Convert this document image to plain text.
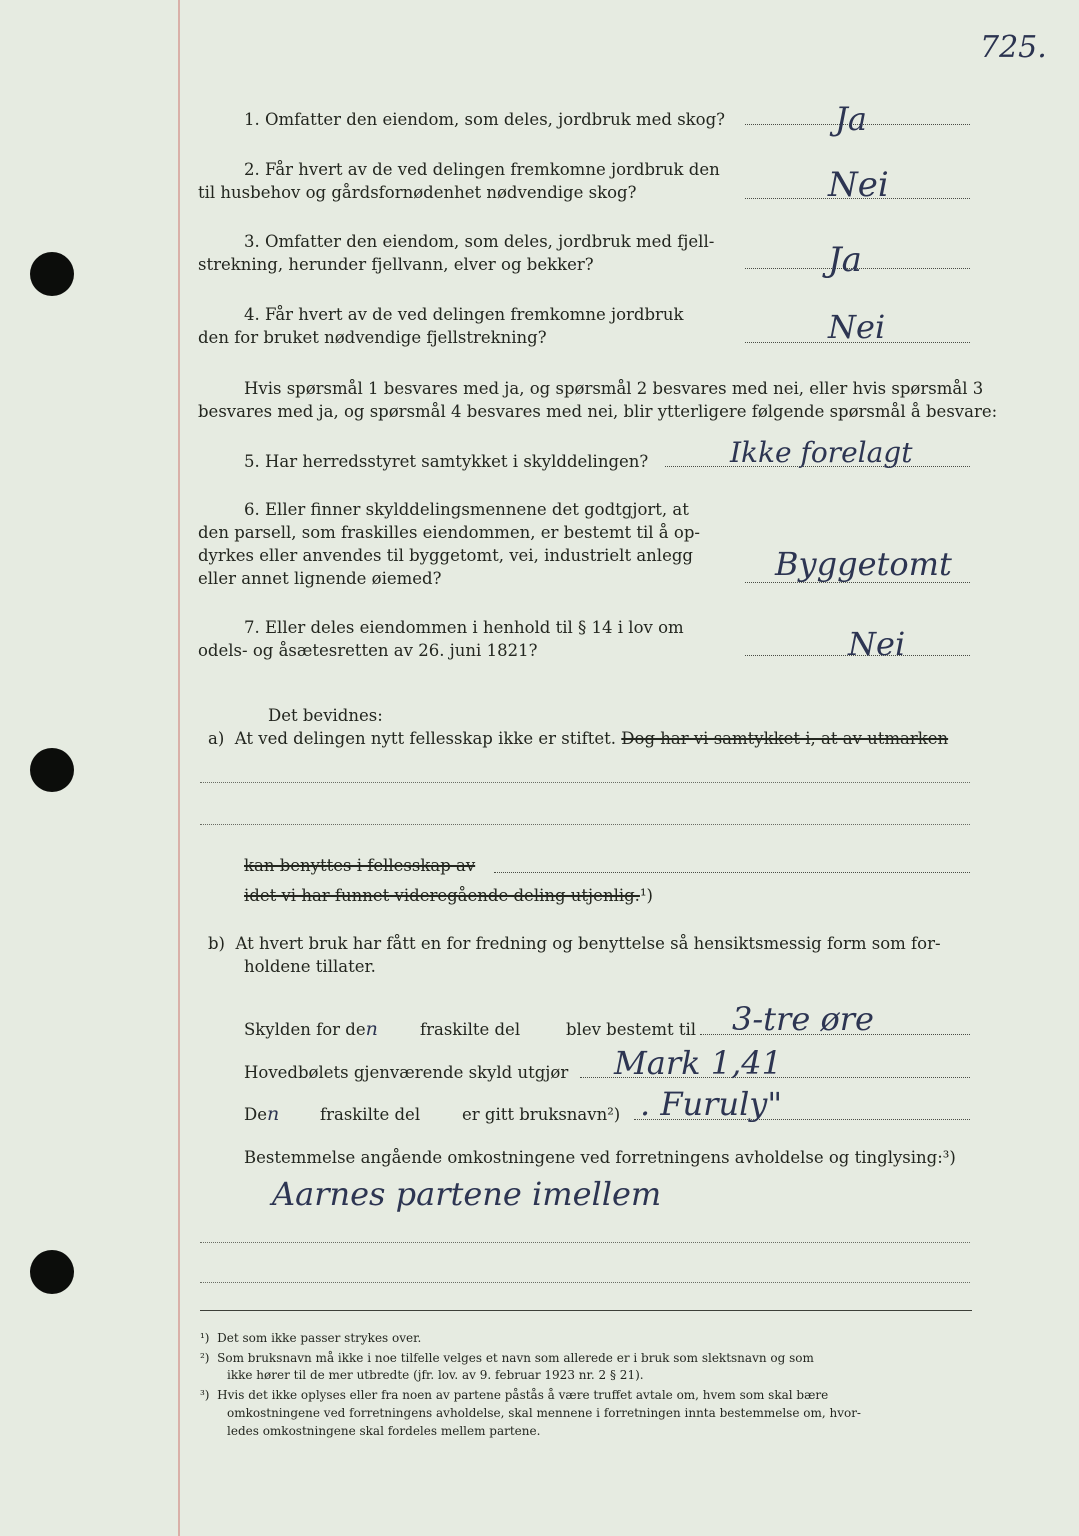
725.
1. Omfatter den eiendom, som deles, jordbruk med skog?	Ja
2. Får hvert av de ved delingen fremkomne jordbruk den
til husbehov og gårdsfornødenhet nødvendige skog?	Nei
3. Omfatter den eiendom, som deles, jordbruk med fjell-
strekning, herunder fjellvann, elver og bekker?	Ja
4. Får hvert av de ved delingen fremkomne jordbruk
den for bruket nødvendige fjellstrekning?	Nei
Hvis spørsmål 1 besvares med ja, og spørsmål 2 besvares med nei, eller hvis spørsmål 3
besvares med ja, og spørsmål 4 besvares med nei, blir ytterligere følgende spørsmål å besvare:
5. Har herredsstyret samtykket i skylddelingen?	Ikke forelagt
6. Eller finner skylddelingsmennene det godtgjort, at
den parsell, som fraskilles eiendommen, er bestemt til å op-
dyrkes eller anvendes til byggetomt, vei, industrielt anlegg
eller annet lignende øiemed?	Byggetomt
7. Eller deles eiendommen i henhold til § 14 i lov om
odels- og åsætesretten av 26. juni 1821?	Nei
Det bevidnes:
a) At ved delingen nytt fellesskap ikke er stiftet. Dog har vi samtykket i, at av utmarken
kan benyttes i fellesskap av
idet vi har funnet videregående deling utjenlig.¹)
b) At hvert bruk har fått en for fredning og benyttelse så hensiktsmessig form som for-
holdene tillater.
Skylden for den	fraskilte del	blev bestemt til 3-tre øre
Hovedbølets gjenværende skyld utgjør Mark 1,41
Den fraskilte del	er gitt bruksnavn²) . Furuly"
Bestemmelse angående omkostningene ved forretningens avholdelse og tinglysing:³)
Aarnes partene imellem
¹) Det som ikke passer strykes over.
²) Som bruksnavn må ikke i noe tilfelle velges et navn som allerede er i bruk som slektsnavn og som
ikke hører til de mer utbredte (jfr. lov. av 9. februar 1923 nr. 2 § 21).
³) Hvis det ikke oplyses eller fra noen av partene påstås å være truffet avtale om, hvem som skal bære
omkostningene ved forretningens avholdelse, skal mennene i forretningen innta bestemmelse om, hvor-
ledes omkostningene skal fordeles mellem partene.
